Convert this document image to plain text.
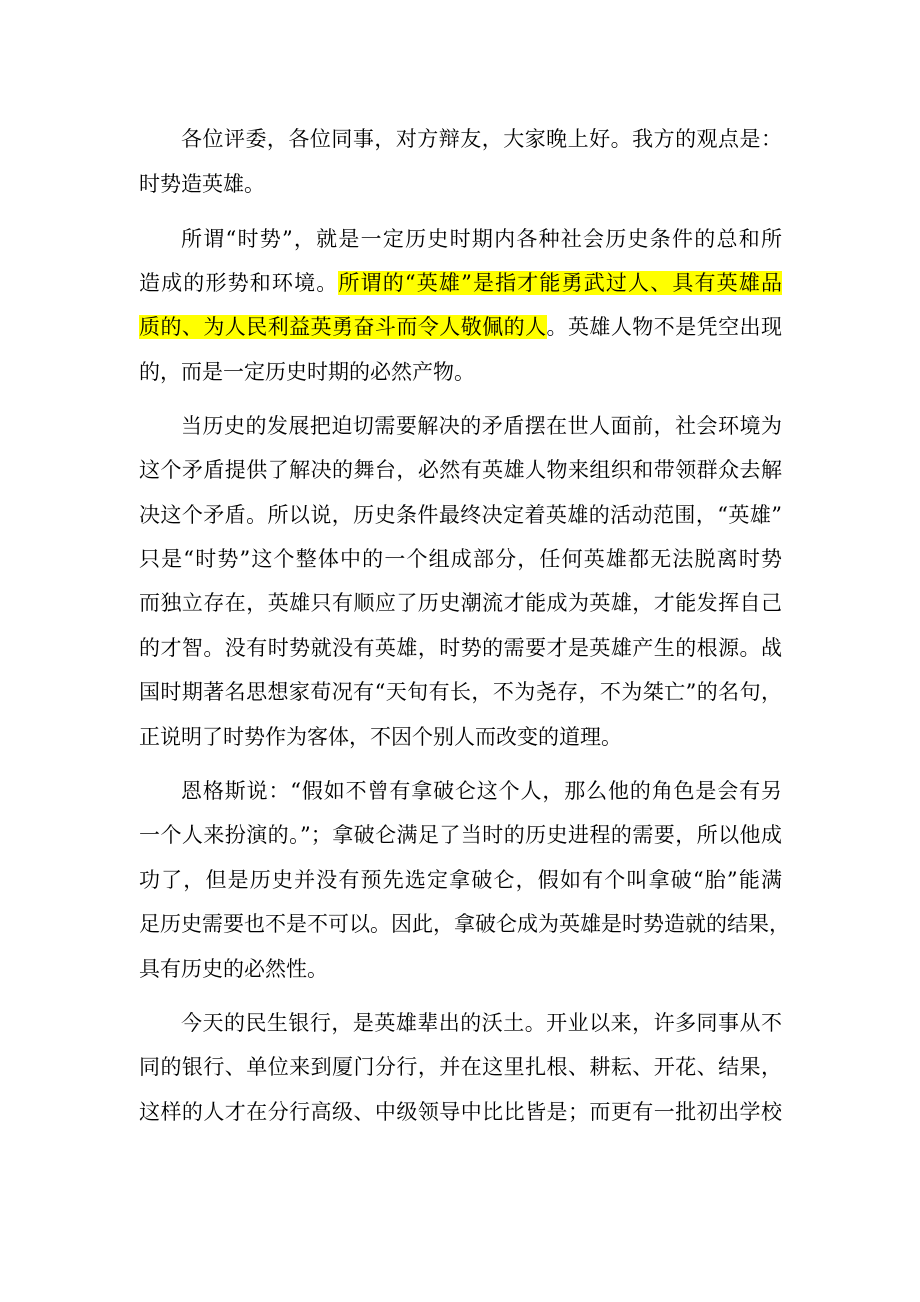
各位评委，各位同事，对方辩友，大家晚上好。我方的观点是：
时势造英雄。
所谓“时势”，就是一定历史时期内各种社会历史条件的总和所
造成的形势和环境。所谓的“英雄”是指才能勇武过人、具有英雄品
质的、为人民利益英勇奋斗而令人敬佩的人。英雄人物不是凭空出现
的，而是一定历史时期的必然产物。
当历史的发展把迫切需要解决的矛盾摆在世人面前，社会环境为
这个矛盾提供了解决的舞台，必然有英雄人物来组织和带领群众去解
决这个矛盾。所以说，历史条件最终决定着英雄的活动范围，“英雄”
只是“时势”这个整体中的一个组成部分，任何英雄都无法脱离时势
而独立存在，英雄只有顺应了历史潮流才能成为英雄，才能发挥自己
的才智。没有时势就没有英雄，时势的需要才是英雄产生的根源。战
国时期著名思想家荀况有“天旬有长，不为尧存，不为桀亡”的名句，
正说明了时势作为客体，不因个别人而改变的道理。
恩格斯说：“假如不曾有拿破仑这个人，那么他的角色是会有另
一个人来扮演的。”；拿破仑满足了当时的历史进程的需要，所以他成
功了，但是历史并没有预先选定拿破仑，假如有个叫拿破“胎”能满
足历史需要也不是不可以。因此，拿破仑成为英雄是时势造就的结果，
具有历史的必然性。
今天的民生银行，是英雄辈出的沃土。开业以来，许多同事从不
同的银行、单位来到厦门分行，并在这里扎根、耕耘、开花、结果，
这样的人才在分行高级、中级领导中比比皆是；而更有一批初出学校
